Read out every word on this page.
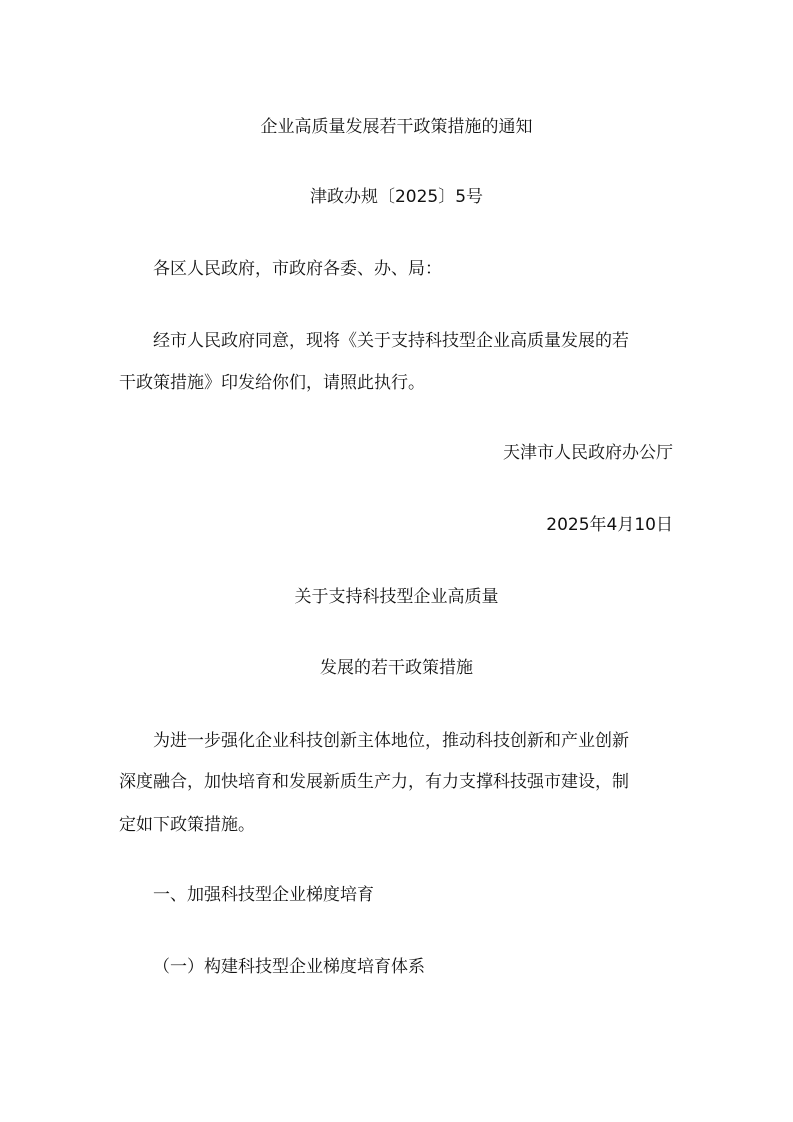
企业高质量发展若干政策措施的通知
津政办规〔2025〕5号
各区人民政府，市政府各委、办、局：
经市人民政府同意，现将《关于支持科技型企业高质量发展的若
干政策措施》印发给你们，请照此执行。
天津市人民政府办公厅
2025年4月10日
关于支持科技型企业高质量
发展的若干政策措施
为进一步强化企业科技创新主体地位，推动科技创新和产业创新
深度融合，加快培育和发展新质生产力，有力支撑科技强市建设，制
定如下政策措施。
一、加强科技型企业梯度培育
（一）构建科技型企业梯度培育体系
